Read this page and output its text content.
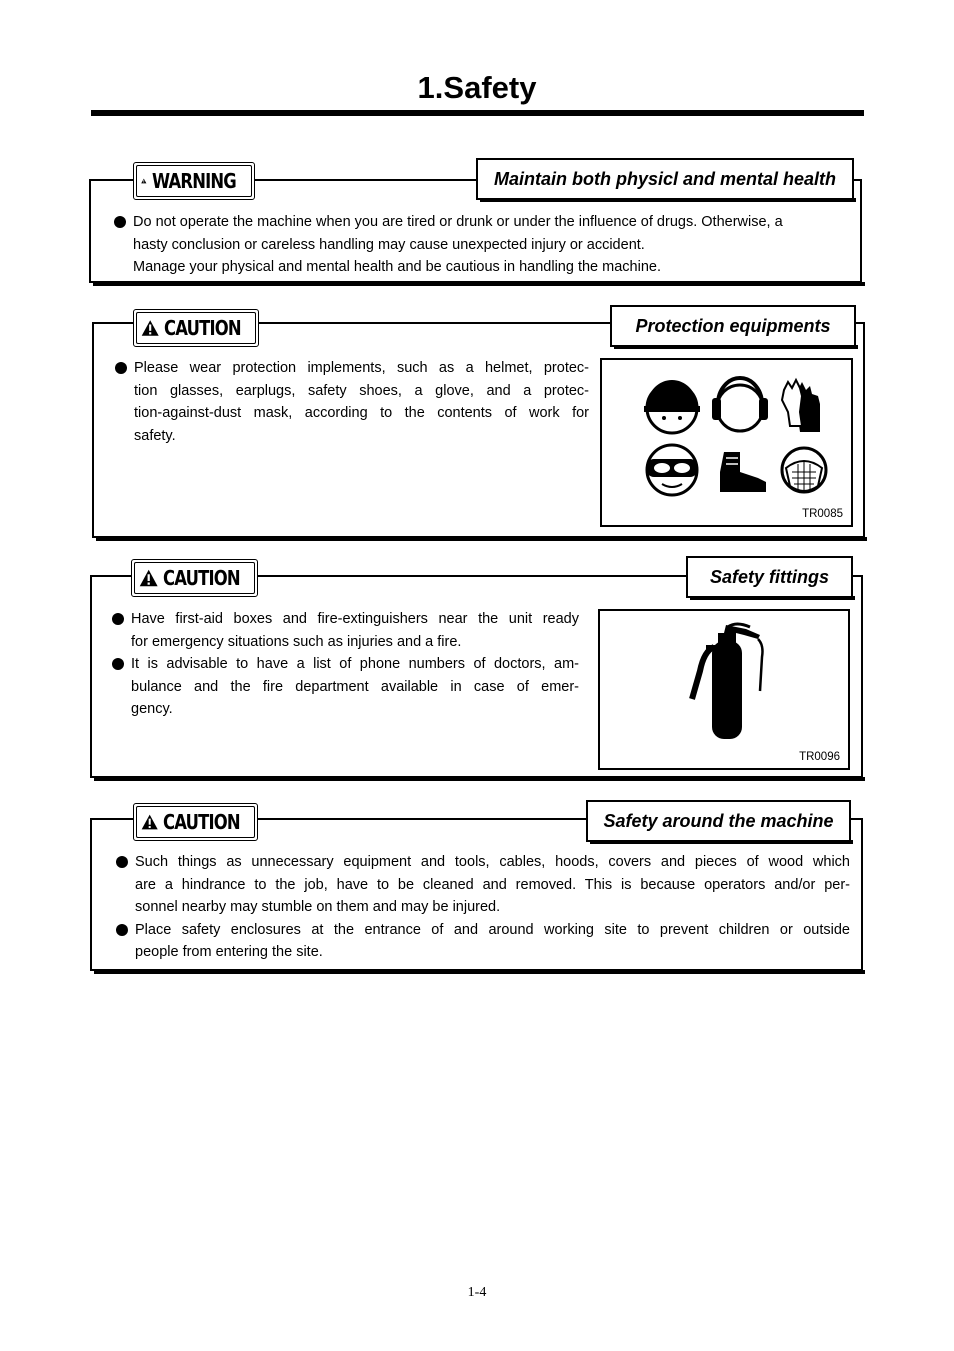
1.Safety
WARNING	Maintain both physicl and mental health
Do not operate the machine when you are tired or drunk or under the influence of drugs. Otherwise, a
hasty conclusion or careless handling may cause unexpected injury or accident.
Manage your physical and mental health and be cautious in handling the machine.
CAUTION	Protection equipments
Please wear protection implements, such as a helmet, protec-
tion glasses, earplugs, safety shoes, a glove, and a protec-
tion-against-dust mask, according to the contents of work for
safety.
TR0085
CAUTION	Safety fittings
Have first-aid boxes and fire-extinguishers near the unit ready
for emergency situations such as injuries and a fire.
It is advisable to have a list of phone numbers of doctors, am-
bulance and the fire department available in case of emer-
gency.
TR0096
CAUTION	Safety around the machine
Such things as unnecessary equipment and tools, cables, hoods, covers and pieces of wood which
are a hindrance to the job, have to be cleaned and removed. This is because operators and/or per-
sonnel nearby may stumble on them and may be injured.
Place safety enclosures at the entrance of and around working site to prevent children or outside
people from entering the site.
1-4
